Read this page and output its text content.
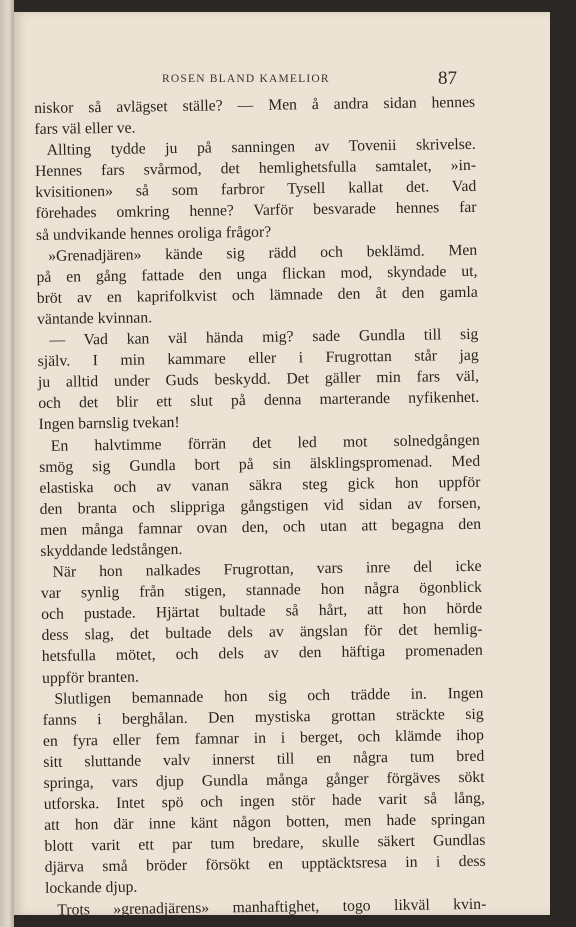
ROSEN BLAND KAMELIOR	87
niskor så avlägset ställe? — Men å andra sidan hennes
fars väl eller ve.
Allting tydde ju på sanningen av Tovenii skrivelse.
Hennes fars svårmod, det hemlighetsfulla samtalet, »in-
kvisitionen» så som farbror Tysell kallat det. Vad
förehades omkring henne? Varför besvarade hennes far
så undvikande hennes oroliga frågor?
»Grenadjären» kände sig rädd och beklämd. Men
på en gång fattade den unga flickan mod, skyndade ut,
bröt av en kaprifolkvist och lämnade den åt den gamla
väntande kvinnan.
— Vad kan väl hända mig? sade Gundla till sig
själv. I min kammare eller i Frugrottan står jag
ju alltid under Guds beskydd. Det gäller min fars väl,
och det blir ett slut på denna marterande nyfikenhet.
Ingen barnslig tvekan!
En halvtimme förrän det led mot solnedgången
smög sig Gundla bort på sin älsklingspromenad. Med
elastiska och av vanan säkra steg gick hon uppför
den branta och slippriga gångstigen vid sidan av forsen,
men många famnar ovan den, och utan att begagna den
skyddande ledstången.
När hon nalkades Frugrottan, vars inre del icke
var synlig från stigen, stannade hon några ögonblick
och pustade. Hjärtat bultade så hårt, att hon hörde
dess slag, det bultade dels av ängslan för det hemlig-
hetsfulla mötet, och dels av den häftiga promenaden
uppför branten.
Slutligen bemannade hon sig och trädde in. Ingen
fanns i berghålan. Den mystiska grottan sträckte sig
en fyra eller fem famnar in i berget, och klämde ihop
sitt sluttande valv innerst till en några tum bred
springa, vars djup Gundla många gånger förgäves sökt
utforska. Intet spö och ingen stör hade varit så lång,
att hon där inne känt någon botten, men hade springan
blott varit ett par tum bredare, skulle säkert Gundlas
djärva små bröder försökt en upptäcktsresa in i dess
lockande djup.
Trots »grenadjärens» manhaftighet, togo likväl kvin-
